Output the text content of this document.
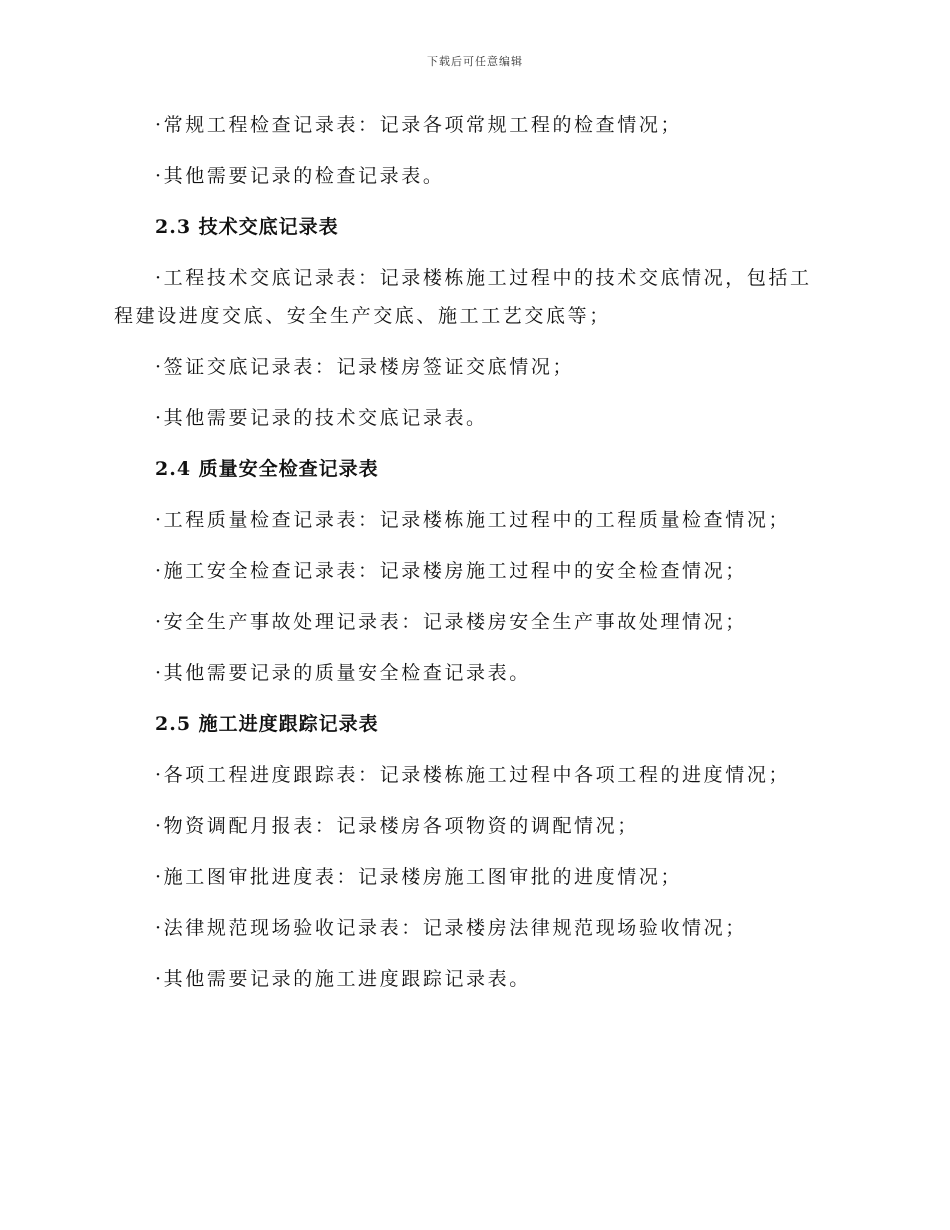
下载后可任意编辑

·常规工程检查记录表：记录各项常规工程的检查情况；

·其他需要记录的检查记录表。

2.3 技术交底记录表

·工程技术交底记录表：记录楼栋施工过程中的技术交底情况，包括工程建设进度交底、安全生产交底、施工工艺交底等；

·签证交底记录表：记录楼房签证交底情况；

·其他需要记录的技术交底记录表。

2.4 质量安全检查记录表

·工程质量检查记录表：记录楼栋施工过程中的工程质量检查情况；

·施工安全检查记录表：记录楼房施工过程中的安全检查情况；

·安全生产事故处理记录表：记录楼房安全生产事故处理情况；

·其他需要记录的质量安全检查记录表。

2.5 施工进度跟踪记录表

·各项工程进度跟踪表：记录楼栋施工过程中各项工程的进度情况；

·物资调配月报表：记录楼房各项物资的调配情况；

·施工图审批进度表：记录楼房施工图审批的进度情况；

·法律规范现场验收记录表：记录楼房法律规范现场验收情况；

·其他需要记录的施工进度跟踪记录表。
